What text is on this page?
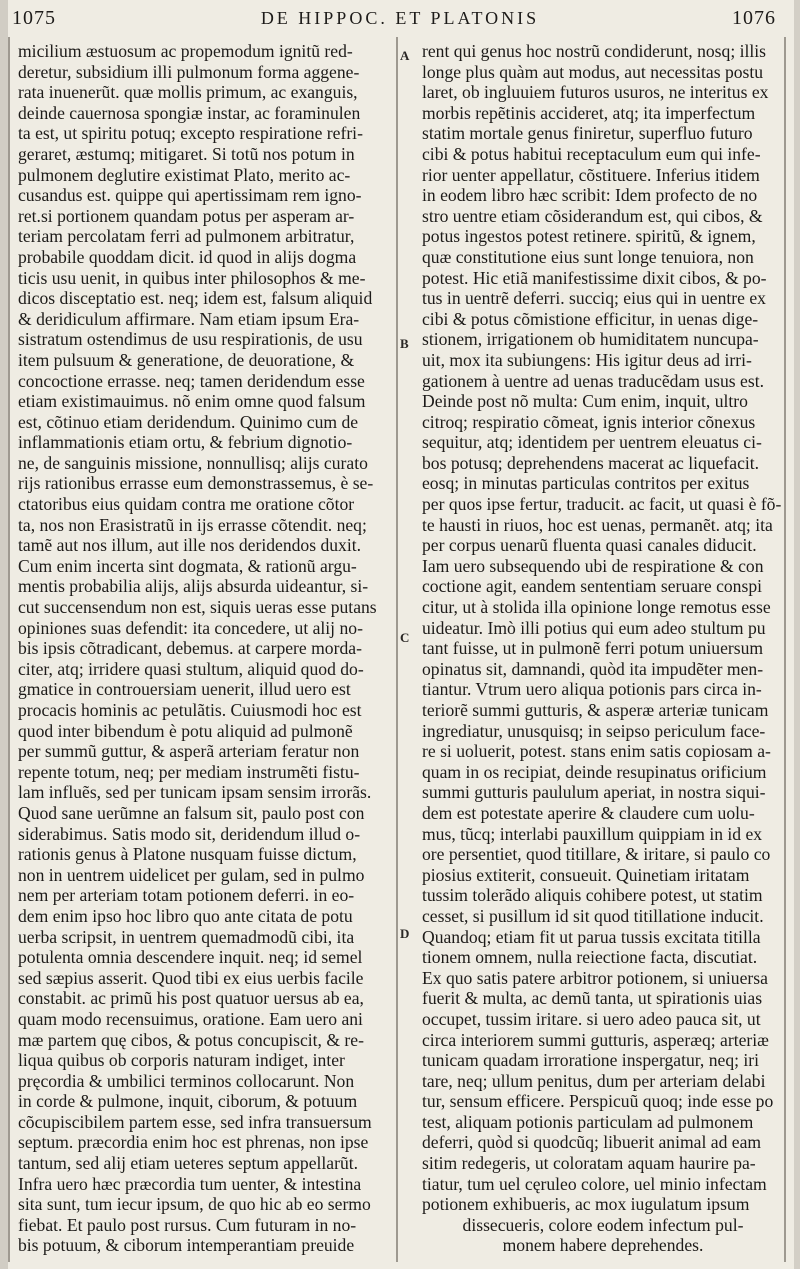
1075	DE HIPPOC. ET PLATONIS	1076
A
B
C
D
micilium æstuosum ac propemodum ignitũ red-
deretur, subsidium illi pulmonum forma aggene-
rata inuenerũt. quæ mollis primum, ac exanguis,
deinde cauernosa spongiæ instar, ac foraminulen
ta est, ut spiritu potuq; excepto respiratione refri-
geraret, æstumq; mitigaret. Si totũ nos potum in
pulmonem deglutire existimat Plato, merito ac-
cusandus est. quippe qui apertissimam rem igno-
ret.si portionem quandam potus per asperam ar-
teriam percolatam ferri ad pulmonem arbitratur,
probabile quoddam dicit. id quod in alijs dogma
ticis usu uenit, in quibus inter philosophos & me-
dicos disceptatio est. neq; idem est, falsum aliquid
& deridiculum affirmare. Nam etiam ipsum Era-
sistratum ostendimus de usu respirationis, de usu
item pulsuum & generatione, de deuoratione, &
concoctione errasse. neq; tamen deridendum esse
etiam existimauimus. nõ enim omne quod falsum
est, cõtinuo etiam deridendum. Quinimo cum de
inflammationis etiam ortu, & febrium dignotio-
ne, de sanguinis missione, nonnullisq; alijs curato
rijs rationibus errasse eum demonstrassemus, è se-
ctatoribus eius quidam contra me oratione cõtor
ta, nos non Erasistratũ in ijs errasse cõtendit. neq;
tamẽ aut nos illum, aut ille nos deridendos duxit.
Cum enim incerta sint dogmata, & rationũ argu-
mentis probabilia alijs, alijs absurda uideantur, si-
cut succensendum non est, siquis ueras esse putans
opiniones suas defendit: ita concedere, ut alij no-
bis ipsis cõtradicant, debemus. at carpere morda-
citer, atq; irridere quasi stultum, aliquid quod do-
gmatice in controuersiam uenerit, illud uero est
procacis hominis ac petulãtis. Cuiusmodi hoc est
quod inter bibendum è potu aliquid ad pulmonẽ
per summũ guttur, & asperã arteriam feratur non
repente totum, neq; per mediam instrumẽti fistu-
lam influẽs, sed per tunicam ipsam sensim irrorãs.
Quod sane uerũmne an falsum sit, paulo post con
siderabimus. Satis modo sit, deridendum illud o-
rationis genus à Platone nusquam fuisse dictum,
non in uentrem uidelicet per gulam, sed in pulmo
nem per arteriam totam potionem deferri. in eo-
dem enim ipso hoc libro quo ante citata de potu
uerba scripsit, in uentrem quemadmodũ cibi, ita
potulenta omnia descendere inquit. neq; id semel
sed sæpius asserit. Quod tibi ex eius uerbis facile
constabit. ac primũ his post quatuor uersus ab ea,
quam modo recensuimus, oratione. Eam uero ani
mæ partem quę cibos, & potus concupiscit, & re-
liqua quibus ob corporis naturam indiget, inter
pręcordia & umbilici terminos collocarunt. Non
in corde & pulmone, inquit, ciborum, & potuum
cõcupiscibilem partem esse, sed infra transuersum
septum. præcordia enim hoc est phrenas, non ipse
tantum, sed alij etiam ueteres septum appellarũt.
Infra uero hæc præcordia tum uenter, & intestina
sita sunt, tum iecur ipsum, de quo hic ab eo sermo
fiebat. Et paulo post rursus. Cum futuram in no-
bis potuum, & ciborum intemperantiam preuide
rent qui genus hoc nostrũ condiderunt, nosq; illis
longe plus quàm aut modus, aut necessitas postu
laret, ob ingluuiem futuros usuros, ne interitus ex
morbis repẽtinis accideret, atq; ita imperfectum
statim mortale genus finiretur, superfluo futuro
cibi & potus habitui receptaculum eum qui infe-
rior uenter appellatur, cõstituere. Inferius itidem
in eodem libro hæc scribit: Idem profecto de no
stro uentre etiam cõsiderandum est, qui cibos, &
potus ingestos potest retinere. spiritũ, & ignem,
quæ constitutione eius sunt longe tenuiora, non
potest. Hic etiã manifestissime dixit cibos, & po-
tus in uentrẽ deferri. succiq; eius qui in uentre ex
cibi & potus cõmistione efficitur, in uenas dige-
stionem, irrigationem ob humiditatem nuncupa-
uit, mox ita subiungens: His igitur deus ad irri-
gationem à uentre ad uenas traducẽdam usus est.
Deinde post nõ multa: Cum enim, inquit, ultro
citroq; respiratio cõmeat, ignis interior cõnexus
sequitur, atq; identidem per uentrem eleuatus ci-
bos potusq; deprehendens macerat ac liquefacit.
eosq; in minutas particulas contritos per exitus
per quos ipse fertur, traducit. ac facit, ut quasi è fõ-
te hausti in riuos, hoc est uenas, permanẽt. atq; ita
per corpus uenarũ fluenta quasi canales diducit.
Iam uero subsequendo ubi de respiratione & con
coctione agit, eandem sententiam seruare conspi
citur, ut à stolida illa opinione longe remotus esse
uideatur. Imò illi potius qui eum adeo stultum pu
tant fuisse, ut in pulmonẽ ferri potum uniuersum
opinatus sit, damnandi, quòd ita impudẽter men-
tiantur. Vtrum uero aliqua potionis pars circa in-
teriorẽ summi gutturis, & asperæ arteriæ tunicam
ingrediatur, unusquisq; in seipso periculum face-
re si uoluerit, potest. stans enim satis copiosam a-
quam in os recipiat, deinde resupinatus orificium
summi gutturis paululum aperiat, in nostra siqui-
dem est potestate aperire & claudere cum uolu-
mus, tũcq; interlabi pauxillum quippiam in id ex
ore persentiet, quod titillare, & iritare, si paulo co
piosius extiterit, consueuit. Quinetiam iritatam
tussim tolerãdo aliquis cohibere potest, ut statim
cesset, si pusillum id sit quod titillatione inducit.
Quandoq; etiam fit ut parua tussis excitata titilla
tionem omnem, nulla reiectione facta, discutiat.
Ex quo satis patere arbitror potionem, si uniuersa
fuerit & multa, ac demũ tanta, ut spirationis uias
occupet, tussim iritare. si uero adeo pauca sit, ut
circa interiorem summi gutturis, asperæq; arteriæ
tunicam quadam irroratione inspergatur, neq; iri
tare, neq; ullum penitus, dum per arteriam delabi
tur, sensum efficere. Perspicuũ quoq; inde esse po
test, aliquam potionis particulam ad pulmonem
deferri, quòd si quodcũq; libuerit animal ad eam
sitim redegeris, ut coloratam aquam haurire pa-
tiatur, tum uel cęruleo colore, uel minio infectam
potionem exhibueris, ac mox iugulatum ipsum
dissecueris, colore eodem infectum pul-
monem habere deprehendes.
